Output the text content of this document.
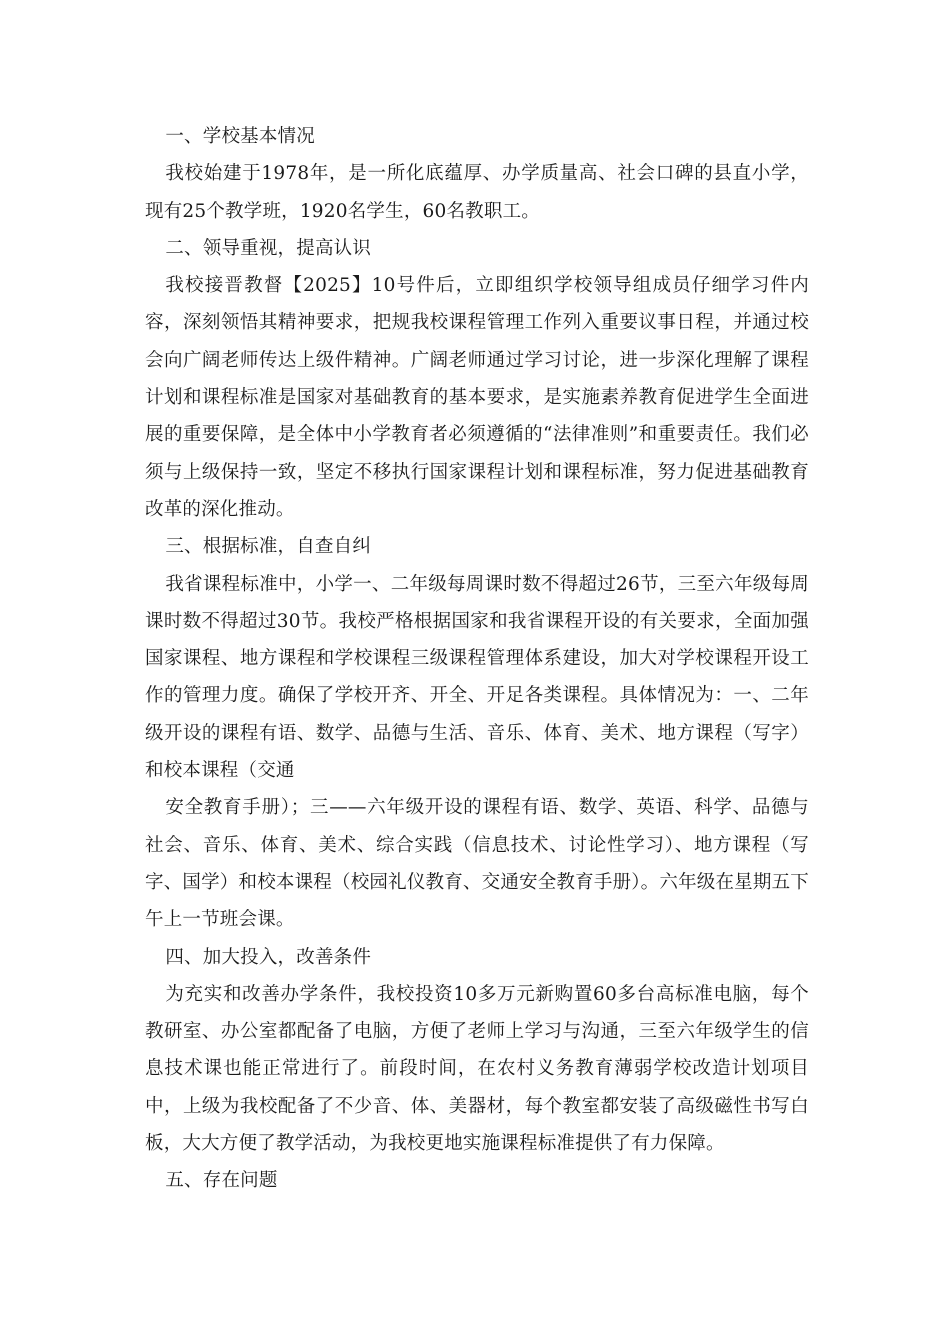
一、学校基本情况

我校始建于1978年，是一所化底蕴厚、办学质量高、社会口碑的县直小学，现有25个教学班，1920名学生，60名教职工。

二、领导重视，提高认识

我校接晋教督【2025】10号件后，立即组织学校领导组成员仔细学习件内容，深刻领悟其精神要求，把规我校课程管理工作列入重要议事日程，并通过校会向广阔老师传达上级件精神。广阔老师通过学习讨论，进一步深化理解了课程计划和课程标准是国家对基础教育的基本要求，是实施素养教育促进学生全面进展的重要保障，是全体中小学教育者必须遵循的“法律准则”和重要责任。我们必须与上级保持一致，坚定不移执行国家课程计划和课程标准，努力促进基础教育改革的深化推动。

三、根据标准，自查自纠

我省课程标准中，小学一、二年级每周课时数不得超过26节，三至六年级每周课时数不得超过30节。我校严格根据国家和我省课程开设的有关要求，全面加强国家课程、地方课程和学校课程三级课程管理体系建设，加大对学校课程开设工作的管理力度。确保了学校开齐、开全、开足各类课程。具体情况为：一、二年级开设的课程有语、数学、品德与生活、音乐、体育、美术、地方课程（写字）和校本课程（交通

安全教育手册）；三——六年级开设的课程有语、数学、英语、科学、品德与社会、音乐、体育、美术、综合实践（信息技术、讨论性学习）、地方课程（写字、国学）和校本课程（校园礼仪教育、交通安全教育手册）。六年级在星期五下午上一节班会课。

四、加大投入，改善条件

为充实和改善办学条件，我校投资10多万元新购置60多台高标准电脑，每个教研室、办公室都配备了电脑，方便了老师上学习与沟通，三至六年级学生的信息技术课也能正常进行了。前段时间，在农村义务教育薄弱学校改造计划项目中，上级为我校配备了不少音、体、美器材，每个教室都安装了高级磁性书写白板，大大方便了教学活动，为我校更地实施课程标准提供了有力保障。

五、存在问题
